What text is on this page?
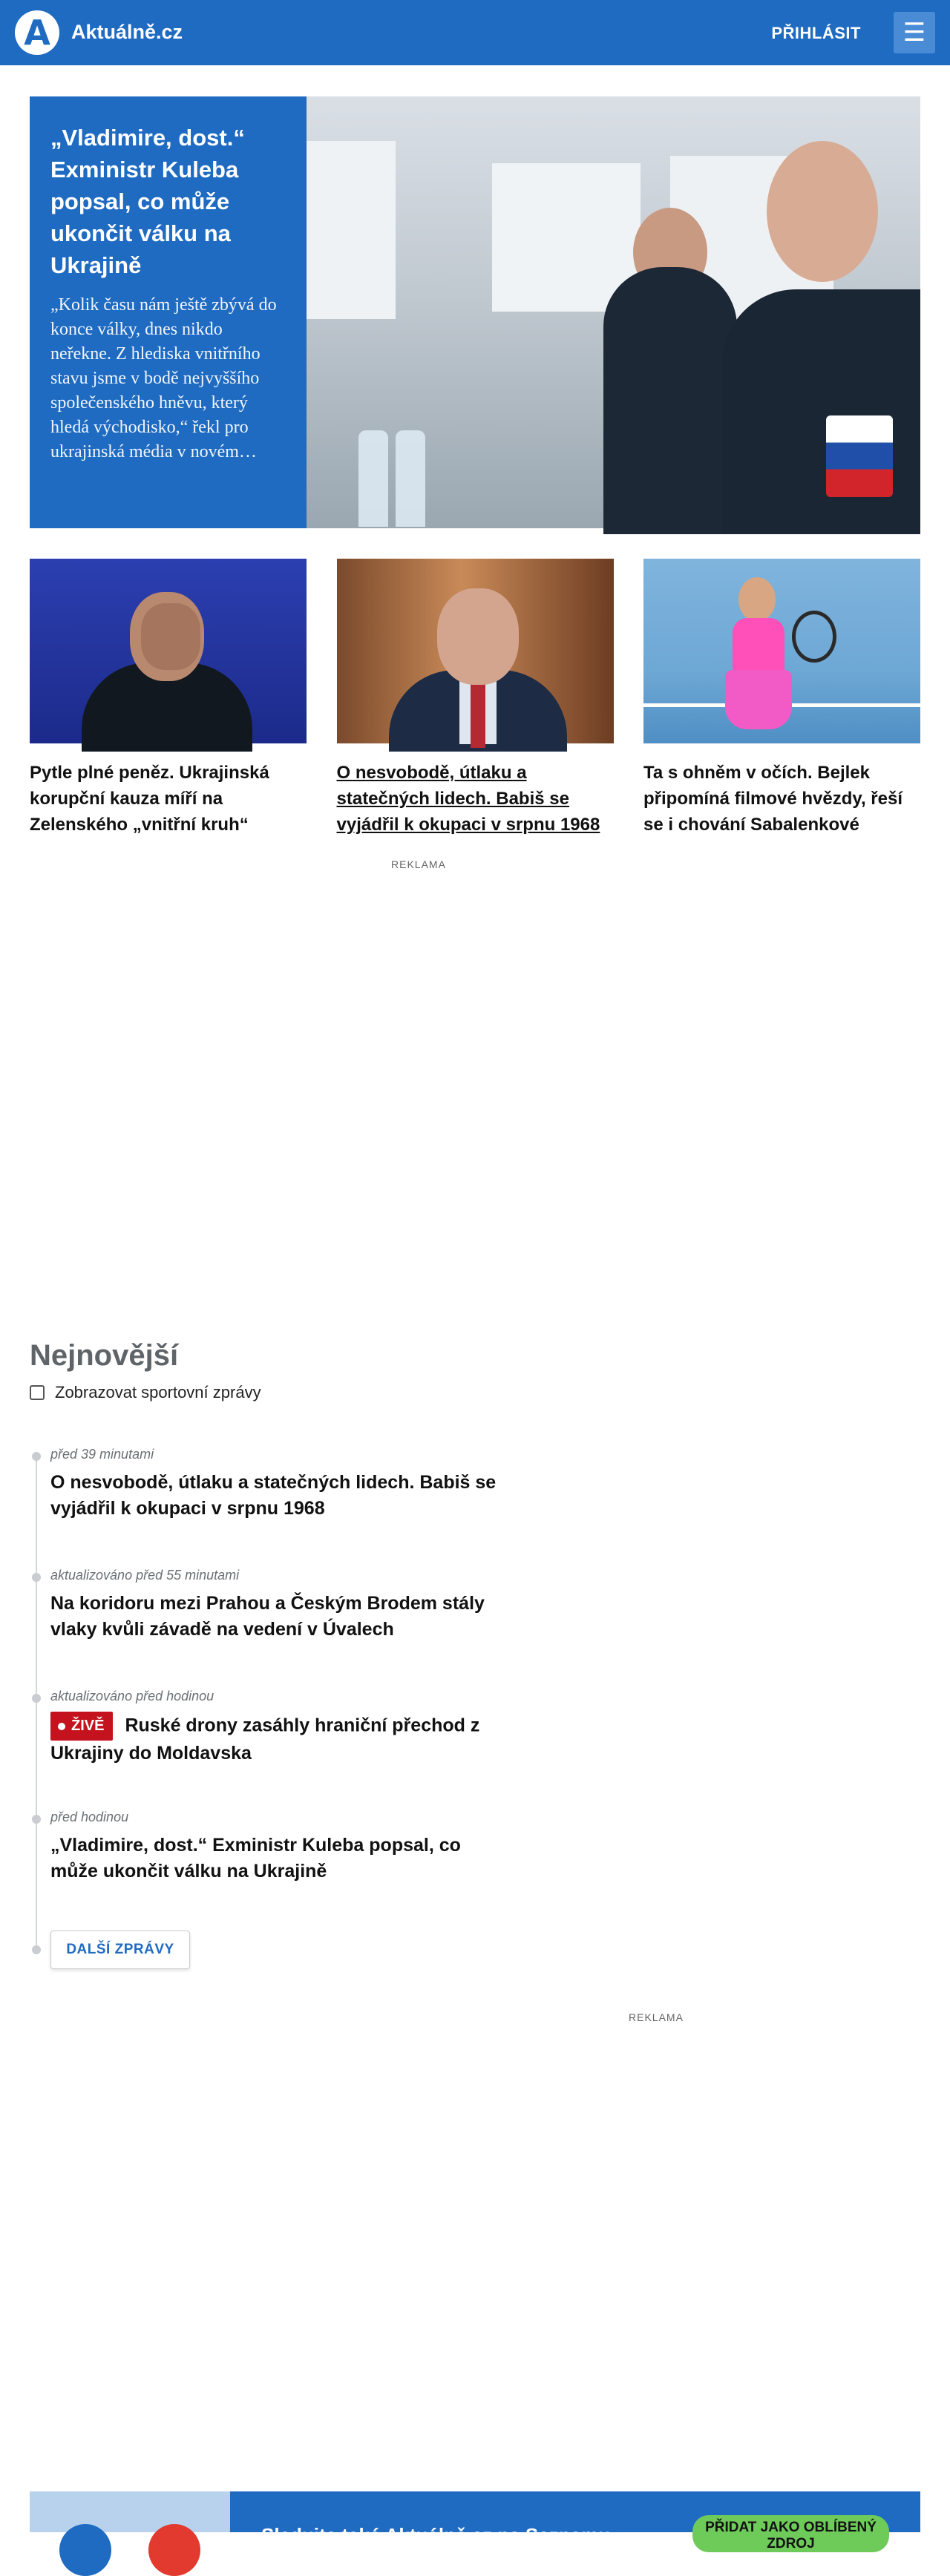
A Aktuálně.cz	PŘIHLÁSIT ☰
„Vladimire, dost.“ Exministr Kuleba popsal, co může ukončit válku na Ukrajině
„Kolik času nám ještě zbývá do konce války, dnes nikdo neřekne. Z hlediska vnitřního stavu jsme v bodě nejvyššího společenského hněvu, který hledá východisko,“ řekl pro ukrajinská média v novém…
Pytle plné peněz. Ukrajinská korupční kauza míří na Zelenského „vnitřní kruh“
O nesvobodě, útlaku a statečných lidech. Babiš se vyjádřil k okupaci v srpnu 1968
Ta s ohněm v očích. Bejlek připomíná filmové hvězdy, řeší se i chování Sabalenkové
REKLAMA
Nejnovější
Zobrazovat sportovní zprávy
před 39 minutami
O nesvobodě, útlaku a statečných lidech. Babiš se vyjádřil k okupaci v srpnu 1968
aktualizováno před 55 minutami
Na koridoru mezi Prahou a Českým Brodem stály vlaky kvůli závadě na vedení v Úvalech
aktualizováno před hodinou
ŽIVĚ Ruské drony zasáhly hraniční přechod z Ukrajiny do Moldavska
před hodinou
„Vladimire, dost.“ Exministr Kuleba popsal, co může ukončit válku na Ukrajině
DALŠÍ ZPRÁVY
REKLAMA
Sledujte také Aktuálně.cz na Seznamu	PŘIDAT JAKO OBLÍBENÝ ZDROJ
